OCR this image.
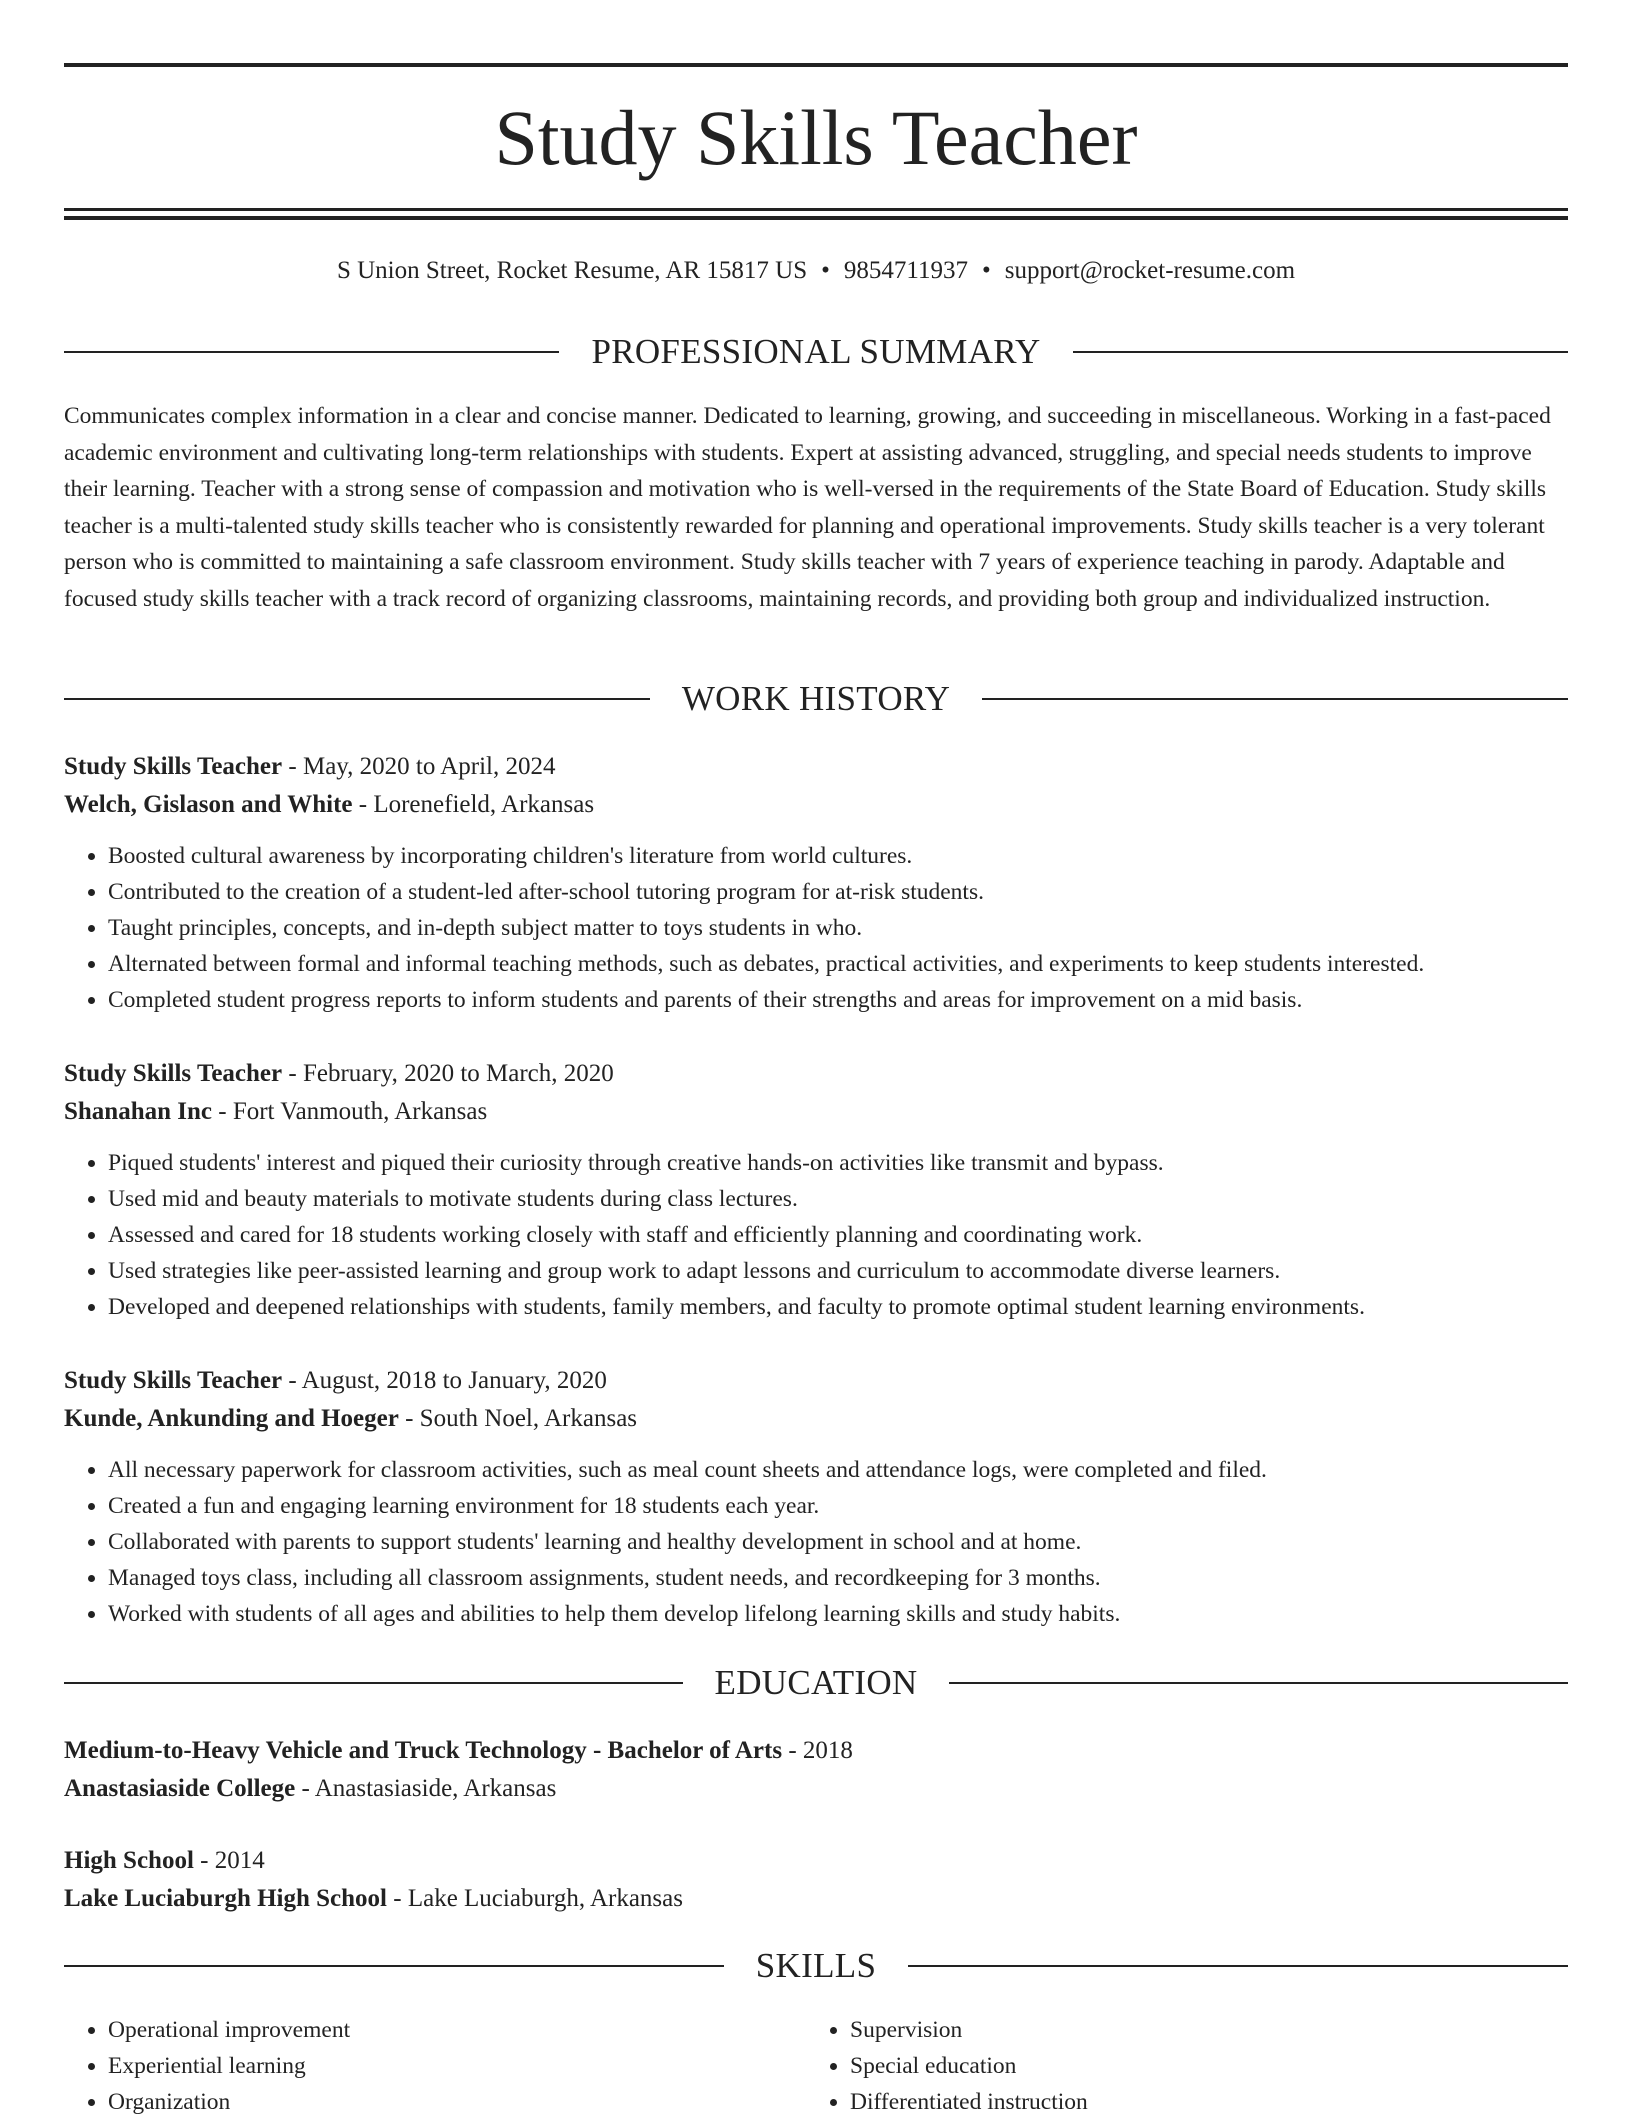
Study Skills Teacher
S Union Street, Rocket Resume, AR 15817 US • 9854711937 • support@rocket-resume.com
PROFESSIONAL SUMMARY

Communicates complex information in a clear and concise manner. Dedicated to learning, growing, and succeeding in miscellaneous. Working in a fast-paced academic environment and cultivating long-term relationships with students. Expert at assisting advanced, struggling, and special needs students to improve their learning. Teacher with a strong sense of compassion and motivation who is well-versed in the requirements of the State Board of Education. Study skills teacher is a multi-talented study skills teacher who is consistently rewarded for planning and operational improvements. Study skills teacher is a very tolerant person who is committed to maintaining a safe classroom environment. Study skills teacher with 7 years of experience teaching in parody. Adaptable and focused study skills teacher with a track record of organizing classrooms, maintaining records, and providing both group and individualized instruction.

WORK HISTORY
Study Skills Teacher - May, 2020 to April, 2024
Welch, Gislason and White - Lorenefield, Arkansas
• Boosted cultural awareness by incorporating children's literature from world cultures.
• Contributed to the creation of a student-led after-school tutoring program for at-risk students.
• Taught principles, concepts, and in-depth subject matter to toys students in who.
• Alternated between formal and informal teaching methods, such as debates, practical activities, and experiments to keep students interested.
• Completed student progress reports to inform students and parents of their strengths and areas for improvement on a mid basis.
Study Skills Teacher - February, 2020 to March, 2020
Shanahan Inc - Fort Vanmouth, Arkansas
• Piqued students' interest and piqued their curiosity through creative hands-on activities like transmit and bypass.
• Used mid and beauty materials to motivate students during class lectures.
• Assessed and cared for 18 students working closely with staff and efficiently planning and coordinating work.
• Used strategies like peer-assisted learning and group work to adapt lessons and curriculum to accommodate diverse learners.
• Developed and deepened relationships with students, family members, and faculty to promote optimal student learning environments.
Study Skills Teacher - August, 2018 to January, 2020
Kunde, Ankunding and Hoeger - South Noel, Arkansas
• All necessary paperwork for classroom activities, such as meal count sheets and attendance logs, were completed and filed.
• Created a fun and engaging learning environment for 18 students each year.
• Collaborated with parents to support students' learning and healthy development in school and at home.
• Managed toys class, including all classroom assignments, student needs, and recordkeeping for 3 months.
• Worked with students of all ages and abilities to help them develop lifelong learning skills and study habits.
EDUCATION
Medium-to-Heavy Vehicle and Truck Technology - Bachelor of Arts - 2018
Anastasiaside College - Anastasiaside, Arkansas
High School - 2014
Lake Luciaburgh High School - Lake Luciaburgh, Arkansas
SKILLS
• Operational improvement
• Experiential learning
• Organization
• Supervision
• Special education
• Differentiated instruction
